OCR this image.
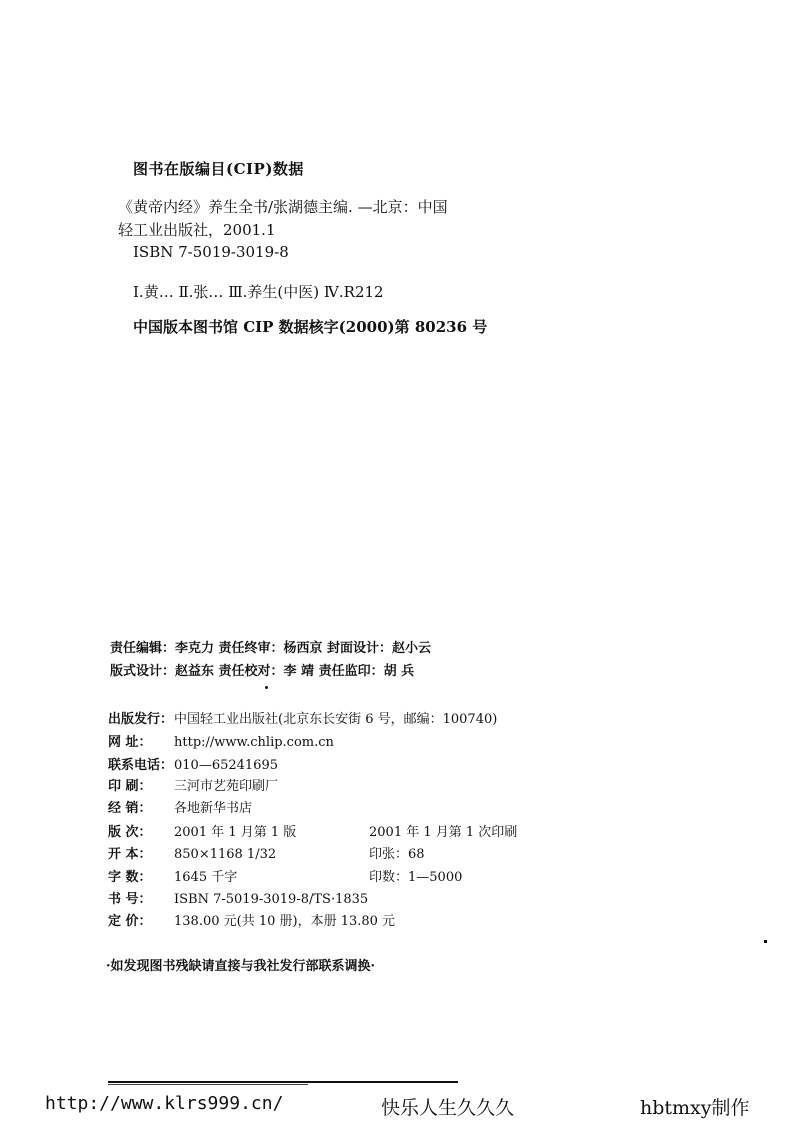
图书在版编目(CIP)数据
《黄帝内经》养生全书/张湖德主编. —北京：中国
轻工业出版社，2001.1
ISBN 7-5019-3019-8
Ⅰ.黄… Ⅱ.张… Ⅲ.养生(中医) Ⅳ.R212
中国版本图书馆 CIP 数据核字(2000)第 80236 号
责任编辑：李克力 责任终审：杨西京 封面设计：赵小云
版式设计：赵益东 责任校对：李 靖 责任监印：胡 兵
出版发行：中国轻工业出版社(北京东长安街 6 号，邮编：100740)
网 址： http://www.chlip.com.cn
联系电话：010—65241695
印 刷： 三河市艺苑印刷厂
经 销： 各地新华书店
版 次： 2001 年 1 月第 1 版	2001 年 1 月第 1 次印刷
开 本： 850×1168 1/32	印张：68
字 数： 1645 千字	印数：1—5000
书 号： ISBN 7-5019-3019-8/TS·1835
定 价： 138.00 元(共 10 册)，本册 13.80 元
·如发现图书残缺请直接与我社发行部联系调换·
http://www.klrs999.cn/	快乐人生久久久	hbtmxy制作
